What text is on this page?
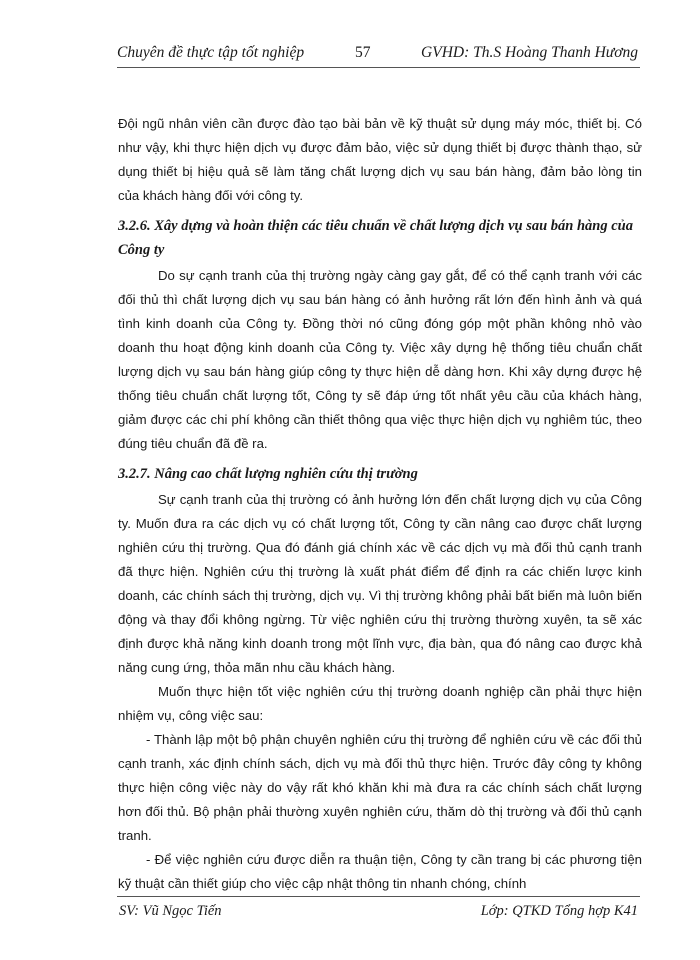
Chuyên đề thực tập tốt nghiệp	57	GVHD: Th.S Hoàng Thanh Hương

Đội ngũ nhân viên cần được đào tạo bài bản về kỹ thuật sử dụng máy móc, thiết bị. Có như vậy, khi thực hiện dịch vụ được đảm bảo, việc sử dụng thiết bị được thành thạo, sử dụng thiết bị hiệu quả sẽ làm tăng chất lượng dịch vụ sau bán hàng, đảm bảo lòng tin của khách hàng đối với công ty.

3.2.6. Xây dựng và hoàn thiện các tiêu chuẩn về chất lượng dịch vụ sau bán hàng của Công ty

Do sự cạnh tranh của thị trường ngày càng gay gắt, để có thể cạnh tranh với các đối thủ thì chất lượng dịch vụ sau bán hàng có ảnh hưởng rất lớn đến hình ảnh và quá tình kinh doanh của Công ty. Đồng thời nó cũng đóng góp một phần không nhỏ vào doanh thu hoạt động kinh doanh của Công ty. Việc xây dựng hệ thống tiêu chuẩn chất lượng dịch vụ sau bán hàng giúp công ty thực hiện dễ dàng hơn. Khi xây dựng được hệ thống tiêu chuẩn chất lượng tốt, Công ty sẽ đáp ứng tốt nhất yêu cầu của khách hàng, giảm được các chi phí không cần thiết thông qua việc thực hiện dịch vụ nghiêm túc, theo đúng tiêu chuẩn đã đề ra.

3.2.7. Nâng cao chất lượng nghiên cứu thị trường

Sự cạnh tranh của thị trường có ảnh hưởng lớn đến chất lượng dịch vụ của Công ty. Muốn đưa ra các dịch vụ có chất lượng tốt, Công ty cần nâng cao được chất lượng nghiên cứu thị trường. Qua đó đánh giá chính xác về các dịch vụ mà đối thủ cạnh tranh đã thực hiện. Nghiên cứu thị trường là xuất phát điểm để định ra các chiến lược kinh doanh, các chính sách thị trường, dịch vụ. Vì thị trường không phải bất biến mà luôn biến động và thay đổi không ngừng. Từ việc nghiên cứu thị trường thường xuyên, ta sẽ xác định được khả năng kinh doanh trong một lĩnh vực, địa bàn, qua đó nâng cao được khả năng cung ứng, thỏa mãn nhu cầu khách hàng.

Muốn thực hiện tốt việc nghiên cứu thị trường doanh nghiệp cần phải thực hiện nhiệm vụ, công việc sau:

- Thành lập một bộ phận chuyên nghiên cứu thị trường để nghiên cứu về các đối thủ cạnh tranh, xác định chính sách, dịch vụ mà đối thủ thực hiện. Trước đây công ty không thực hiện công việc này do vậy rất khó khăn khi mà đưa ra các chính sách chất lượng hơn đối thủ. Bộ phận phải thường xuyên nghiên cứu, thăm dò thị trường và đối thủ cạnh tranh.

- Để việc nghiên cứu được diễn ra thuận tiện, Công ty cần trang bị các phương tiện kỹ thuật cần thiết giúp cho việc cập nhật thông tin nhanh chóng, chính

SV: Vũ Ngọc Tiến	Lớp: QTKD Tổng hợp K41
